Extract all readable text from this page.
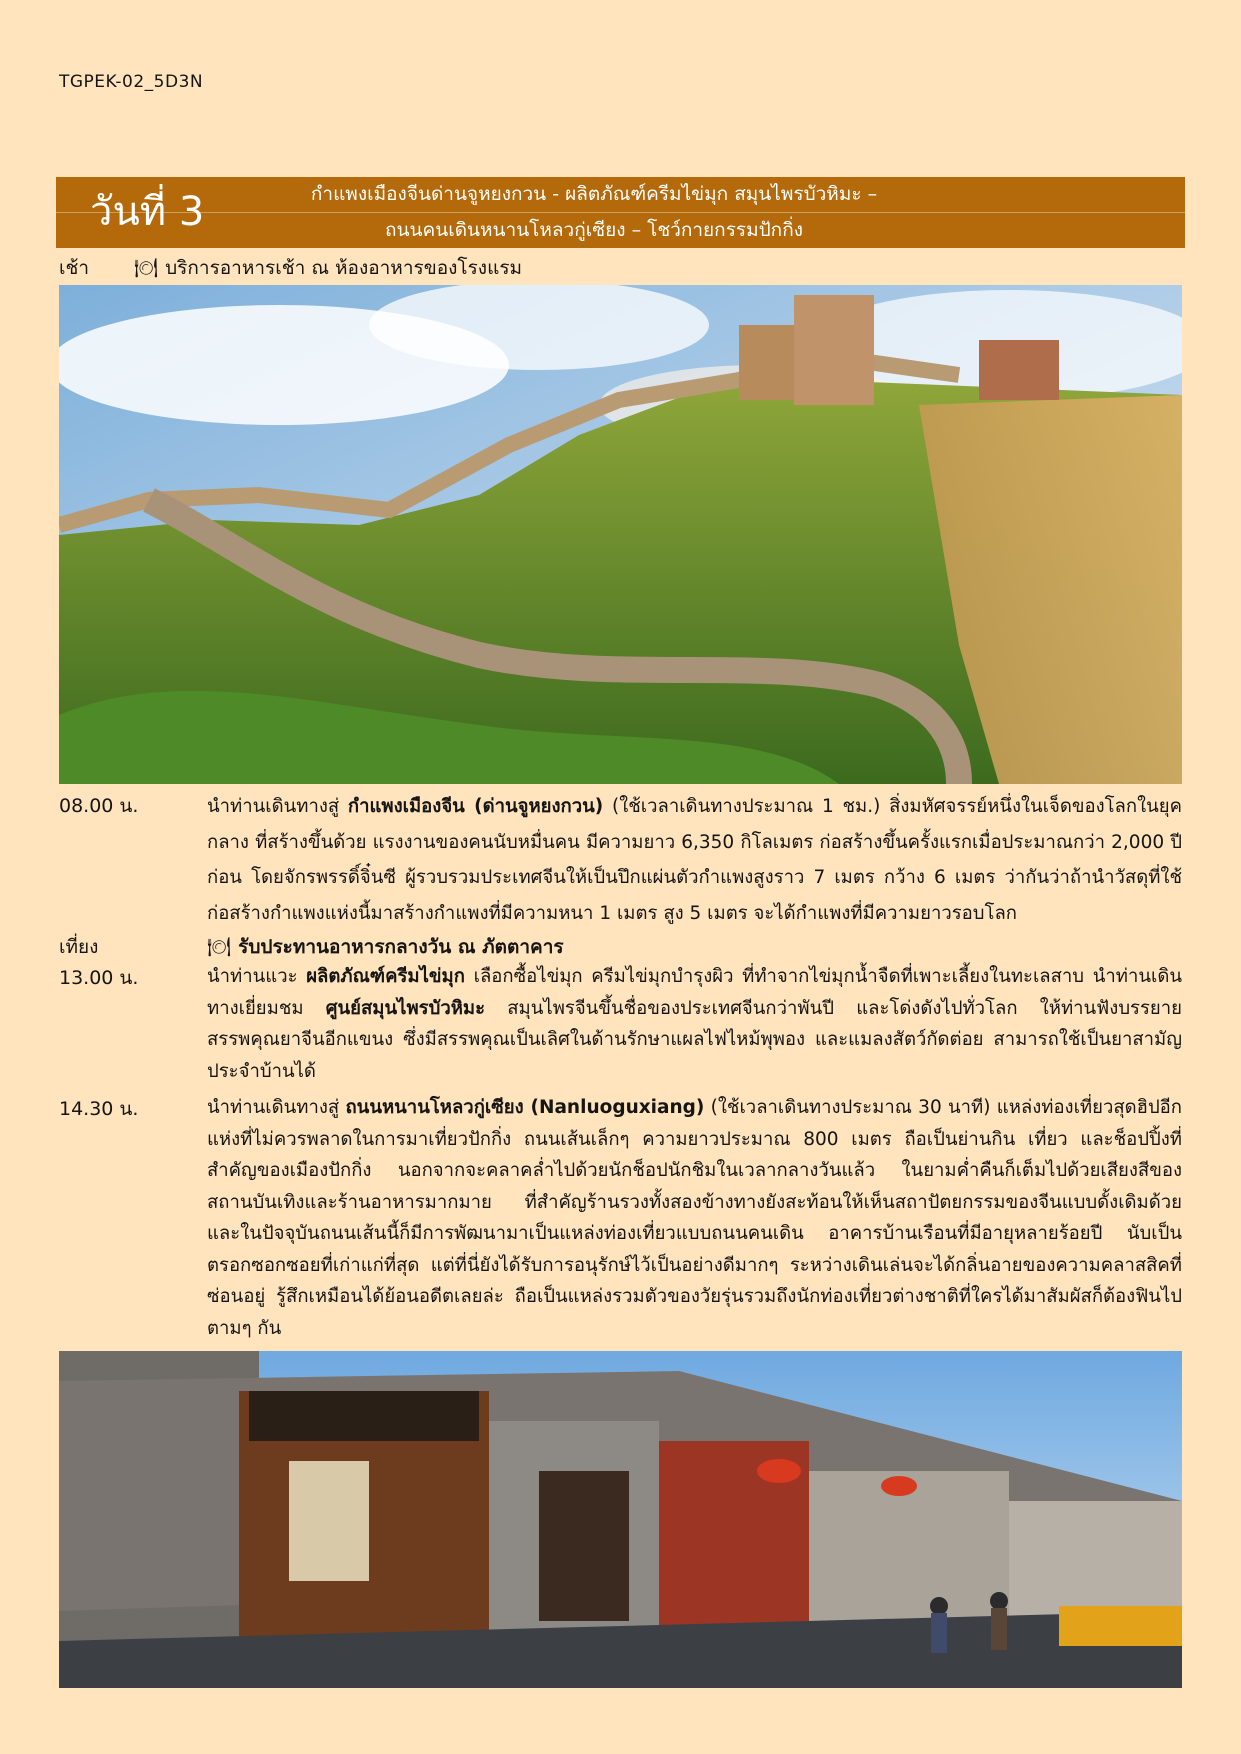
TGPEK-02_5D3N
วันที่ 3	กำแพงเมืองจีนด่านจูหยงกวน - ผลิตภัณฑ์ครีมไข่มุก สมุนไพรบัวหิมะ –
ถนนคนเดินหนานโหลวกู่เซียง – โชว์กายกรรมปักกิ่ง
เช้า 🍽 บริการอาหารเช้า ณ ห้องอาหารของโรงแรม
08.00 น.	นำท่านเดินทางสู่ กำแพงเมืองจีน (ด่านจูหยงกวน) (ใช้เวลาเดินทางประมาณ 1 ชม.) สิ่งมหัศจรรย์หนึ่งในเจ็ดของโลกในยุคกลาง ที่สร้างขึ้นด้วย แรงงานของคนนับหมื่นคน มีความยาว 6,350 กิโลเมตร ก่อสร้างขึ้นครั้งแรกเมื่อประมาณกว่า 2,000 ปีก่อน โดยจักรพรรดิ์จิ๋นซี ผู้รวบรวมประเทศจีนให้เป็นปึกแผ่นตัวกำแพงสูงราว 7 เมตร กว้าง 6 เมตร ว่ากันว่าถ้านำวัสดุที่ใช้ก่อสร้างกำแพงแห่งนี้มาสร้างกำแพงที่มีความหนา 1 เมตร สูง 5 เมตร จะได้กำแพงที่มีความยาวรอบโลก
เที่ยง	🍽 รับประทานอาหารกลางวัน ณ ภัตตาคาร
13.00 น.	นำท่านแวะ ผลิตภัณฑ์ครีมไข่มุก เลือกซื้อไข่มุก ครีมไข่มุกบำรุงผิว ที่ทำจากไข่มุกน้ำจืดที่เพาะเลี้ยงในทะเลสาบ นำท่านเดินทางเยี่ยมชม ศูนย์สมุนไพรบัวหิมะ สมุนไพรจีนขึ้นชื่อของประเทศจีนกว่าพันปี และโด่งดังไปทั่วโลก ให้ท่านฟังบรรยายสรรพคุณยาจีนอีกแขนง ซึ่งมีสรรพคุณเป็นเลิศในด้านรักษาแผลไฟไหม้พุพอง และแมลงสัตว์กัดต่อย สามารถใช้เป็นยาสามัญประจำบ้านได้
14.30 น.	นำท่านเดินทางสู่ ถนนหนานโหลวกู่เซียง (Nanluoguxiang) (ใช้เวลาเดินทางประมาณ 30 นาที) แหล่งท่องเที่ยวสุดฮิปอีกแห่งที่ไม่ควรพลาดในการมาเที่ยวปักกิ่ง ถนนเส้นเล็กๆ ความยาวประมาณ 800 เมตร ถือเป็นย่านกิน เที่ยว และช็อปปิ้งที่สำคัญของเมืองปักกิ่ง นอกจากจะคลาคล่ำไปด้วยนักช็อปนักชิมในเวลากลางวันแล้ว ในยามค่ำคืนก็เต็มไปด้วยเสียงสีของสถานบันเทิงและร้านอาหารมากมาย ที่สำคัญร้านรวงทั้งสองข้างทางยังสะท้อนให้เห็นสถาปัตยกรรมของจีนแบบดั้งเดิมด้วยและในปัจจุบันถนนเส้นนี้ก็มีการพัฒนามาเป็นแหล่งท่องเที่ยวแบบถนนคนเดิน อาคารบ้านเรือนที่มีอายุหลายร้อยปี นับเป็นตรอกซอกซอยที่เก่าแก่ที่สุด แต่ที่นี่ยังได้รับการอนุรักษ์ไว้เป็นอย่างดีมากๆ ระหว่างเดินเล่นจะได้กลิ่นอายของความคลาสสิคที่ซ่อนอยู่ รู้สึกเหมือนได้ย้อนอดีตเลยล่ะ ถือเป็นแหล่งรวมตัวของวัยรุ่นรวมถึงนักท่องเที่ยวต่างชาติที่ใครได้มาสัมผัสก็ต้องฟินไปตามๆ กัน
